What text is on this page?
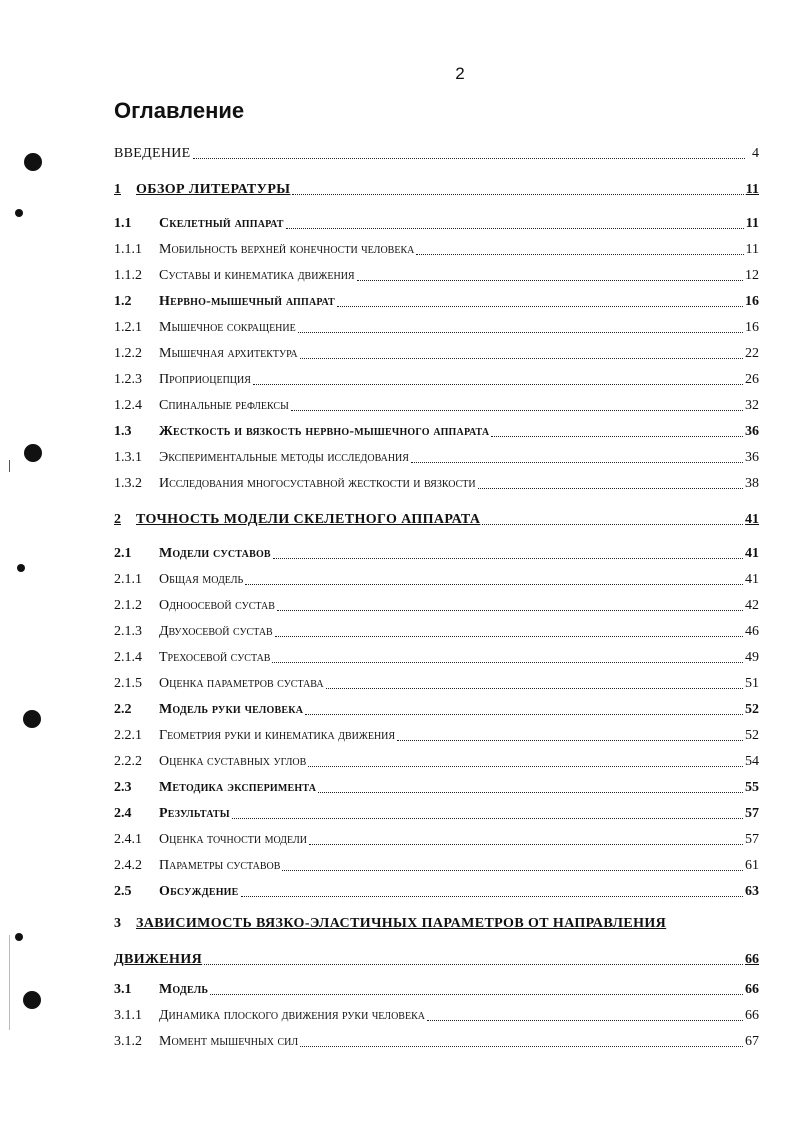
2
Оглавление
ВВЕДЕНИЕ	4
1	ОБЗОР ЛИТЕРАТУРЫ	11
1.1	Скелетный аппарат	11
1.1.1	Мобильность верхней конечности человека	11
1.1.2	Суставы и кинематика движения	12
1.2	Нервно-мышечный аппарат	16
1.2.1	Мышечное сокращение	16
1.2.2	Мышечная архитектура	22
1.2.3	Проприоцепция	26
1.2.4	Спинальные рефлексы	32
1.3	Жесткость и вязкость нервно-мышечного аппарата	36
1.3.1	Экспериментальные методы исследования	36
1.3.2	Исследования многосуставной жесткости и вязкости	38
2	ТОЧНОСТЬ МОДЕЛИ СКЕЛЕТНОГО АППАРАТА	41
2.1	Модели суставов	41
2.1.1	Общая модель	41
2.1.2	Одноосевой сустав	42
2.1.3	Двухосевой сустав	46
2.1.4	Трехосевой сустав	49
2.1.5	Оценка параметров сустава	51
2.2	Модель руки человека	52
2.2.1	Геометрия руки и кинематика движения	52
2.2.2	Оценка суставных углов	54
2.3	Методика эксперимента	55
2.4	Результаты	57
2.4.1	Оценка точности модели	57
2.4.2	Параметры суставов	61
2.5	Обсуждение	63
3 ЗАВИСИМОСТЬ ВЯЗКО-ЭЛАСТИЧНЫХ ПАРАМЕТРОВ ОТ НАПРАВЛЕНИЯ
ДВИЖЕНИЯ	66
3.1	Модель	66
3.1.1	Динамика плоского движения руки человека	66
3.1.2	Момент мышечных сил	67
